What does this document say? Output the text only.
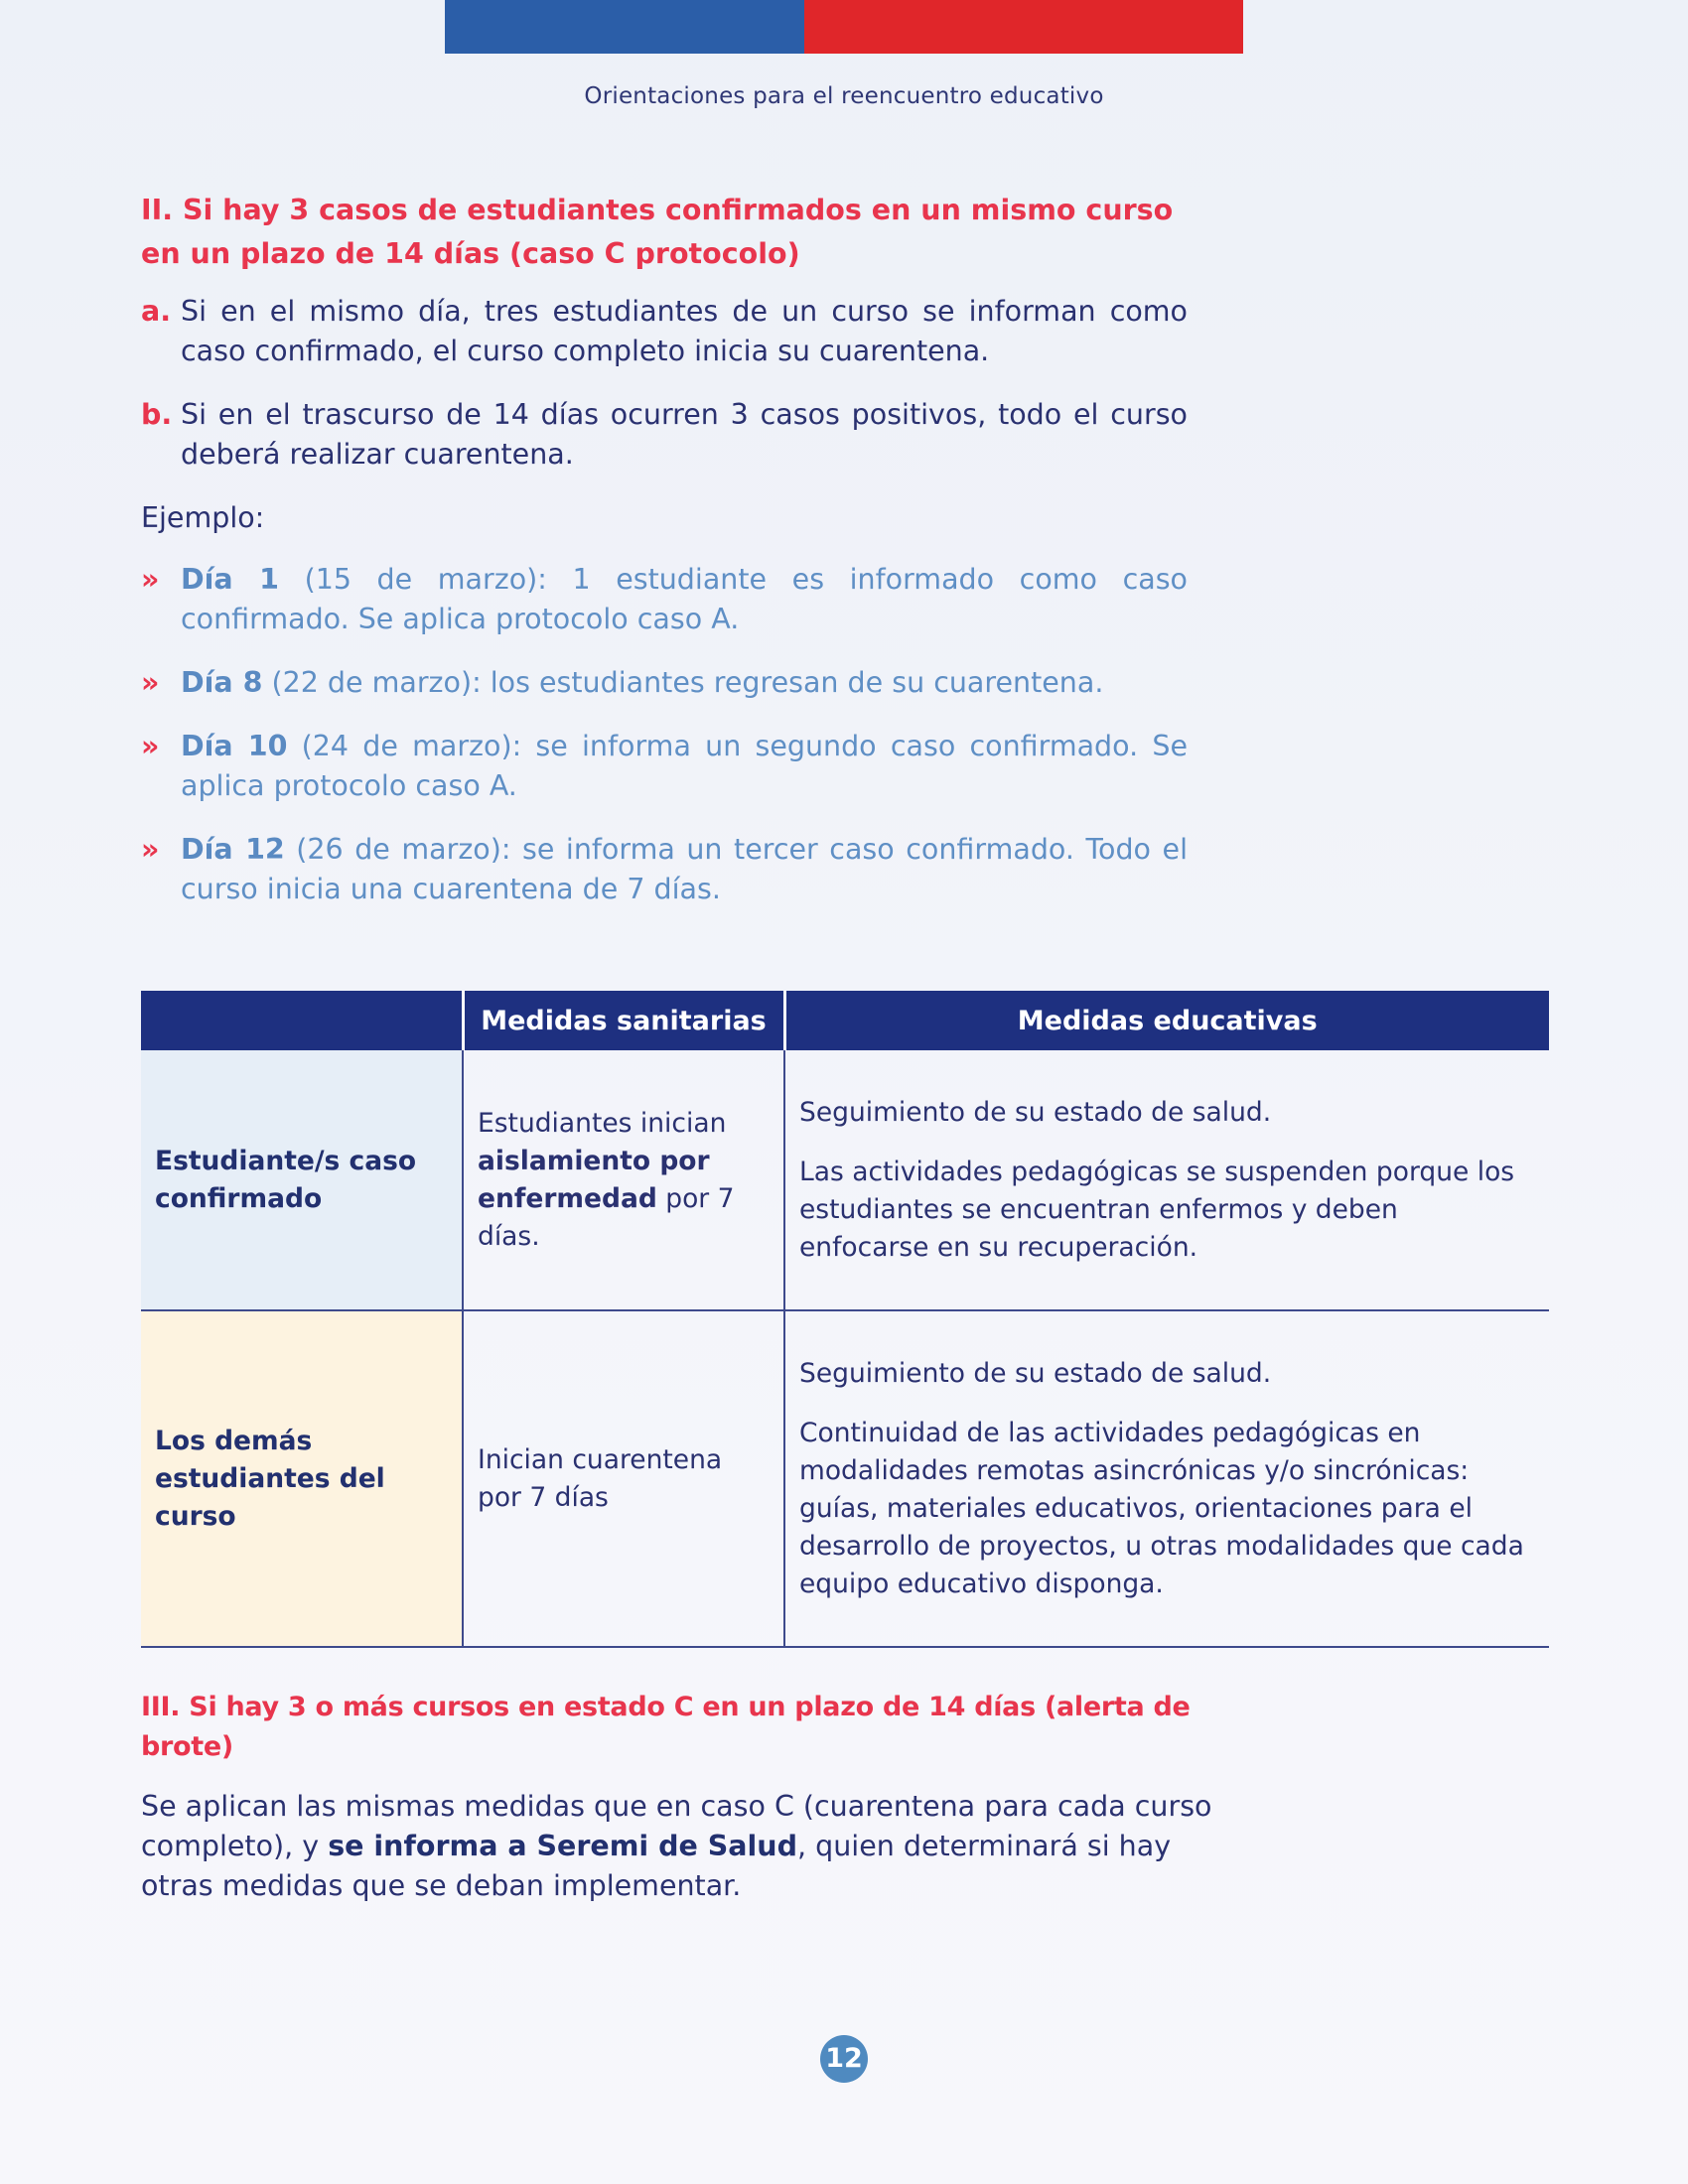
Orientaciones para el reencuentro educativo
II. Si hay 3 casos de estudiantes confirmados en un mismo curso en un plazo de 14 días (caso C protocolo)
a. Si en el mismo día, tres estudiantes de un curso se informan como caso confirmado, el curso completo inicia su cuarentena.
b. Si en el trascurso de 14 días ocurren 3 casos positivos, todo el curso deberá realizar cuarentena.

Ejemplo:

» Día 1 (15 de marzo): 1 estudiante es informado como caso confirmado. Se aplica protocolo caso A.
» Día 8 (22 de marzo): los estudiantes regresan de su cuarentena.
» Día 10 (24 de marzo): se informa un segundo caso confirmado. Se aplica protocolo caso A.
» Día 12 (26 de marzo): se informa un tercer caso confirmado. Todo el curso inicia una cuarentena de 7 días.
	Medidas sanitarias	Medidas educativas
Estudiante/s caso confirmado	Estudiantes inician aislamiento por enfermedad por 7 días.	Seguimiento de su estado de salud.

Las actividades pedagógicas se suspenden porque los estudiantes se encuentran enfermos y deben enfocarse en su recuperación.

Los demás estudiantes del curso	Inician cuarentena por 7 días	Seguimiento de su estado de salud.

Continuidad de las actividades pedagógicas en modalidades remotas asincrónicas y/o sincrónicas: guías, materiales educativos, orientaciones para el desarrollo de proyectos, u otras modalidades que cada equipo educativo disponga.

III. Si hay 3 o más cursos en estado C en un plazo de 14 días (alerta de brote)

Se aplican las mismas medidas que en caso C (cuarentena para cada curso completo), y se informa a Seremi de Salud, quien determinará si hay otras medidas que se deban implementar.

12
